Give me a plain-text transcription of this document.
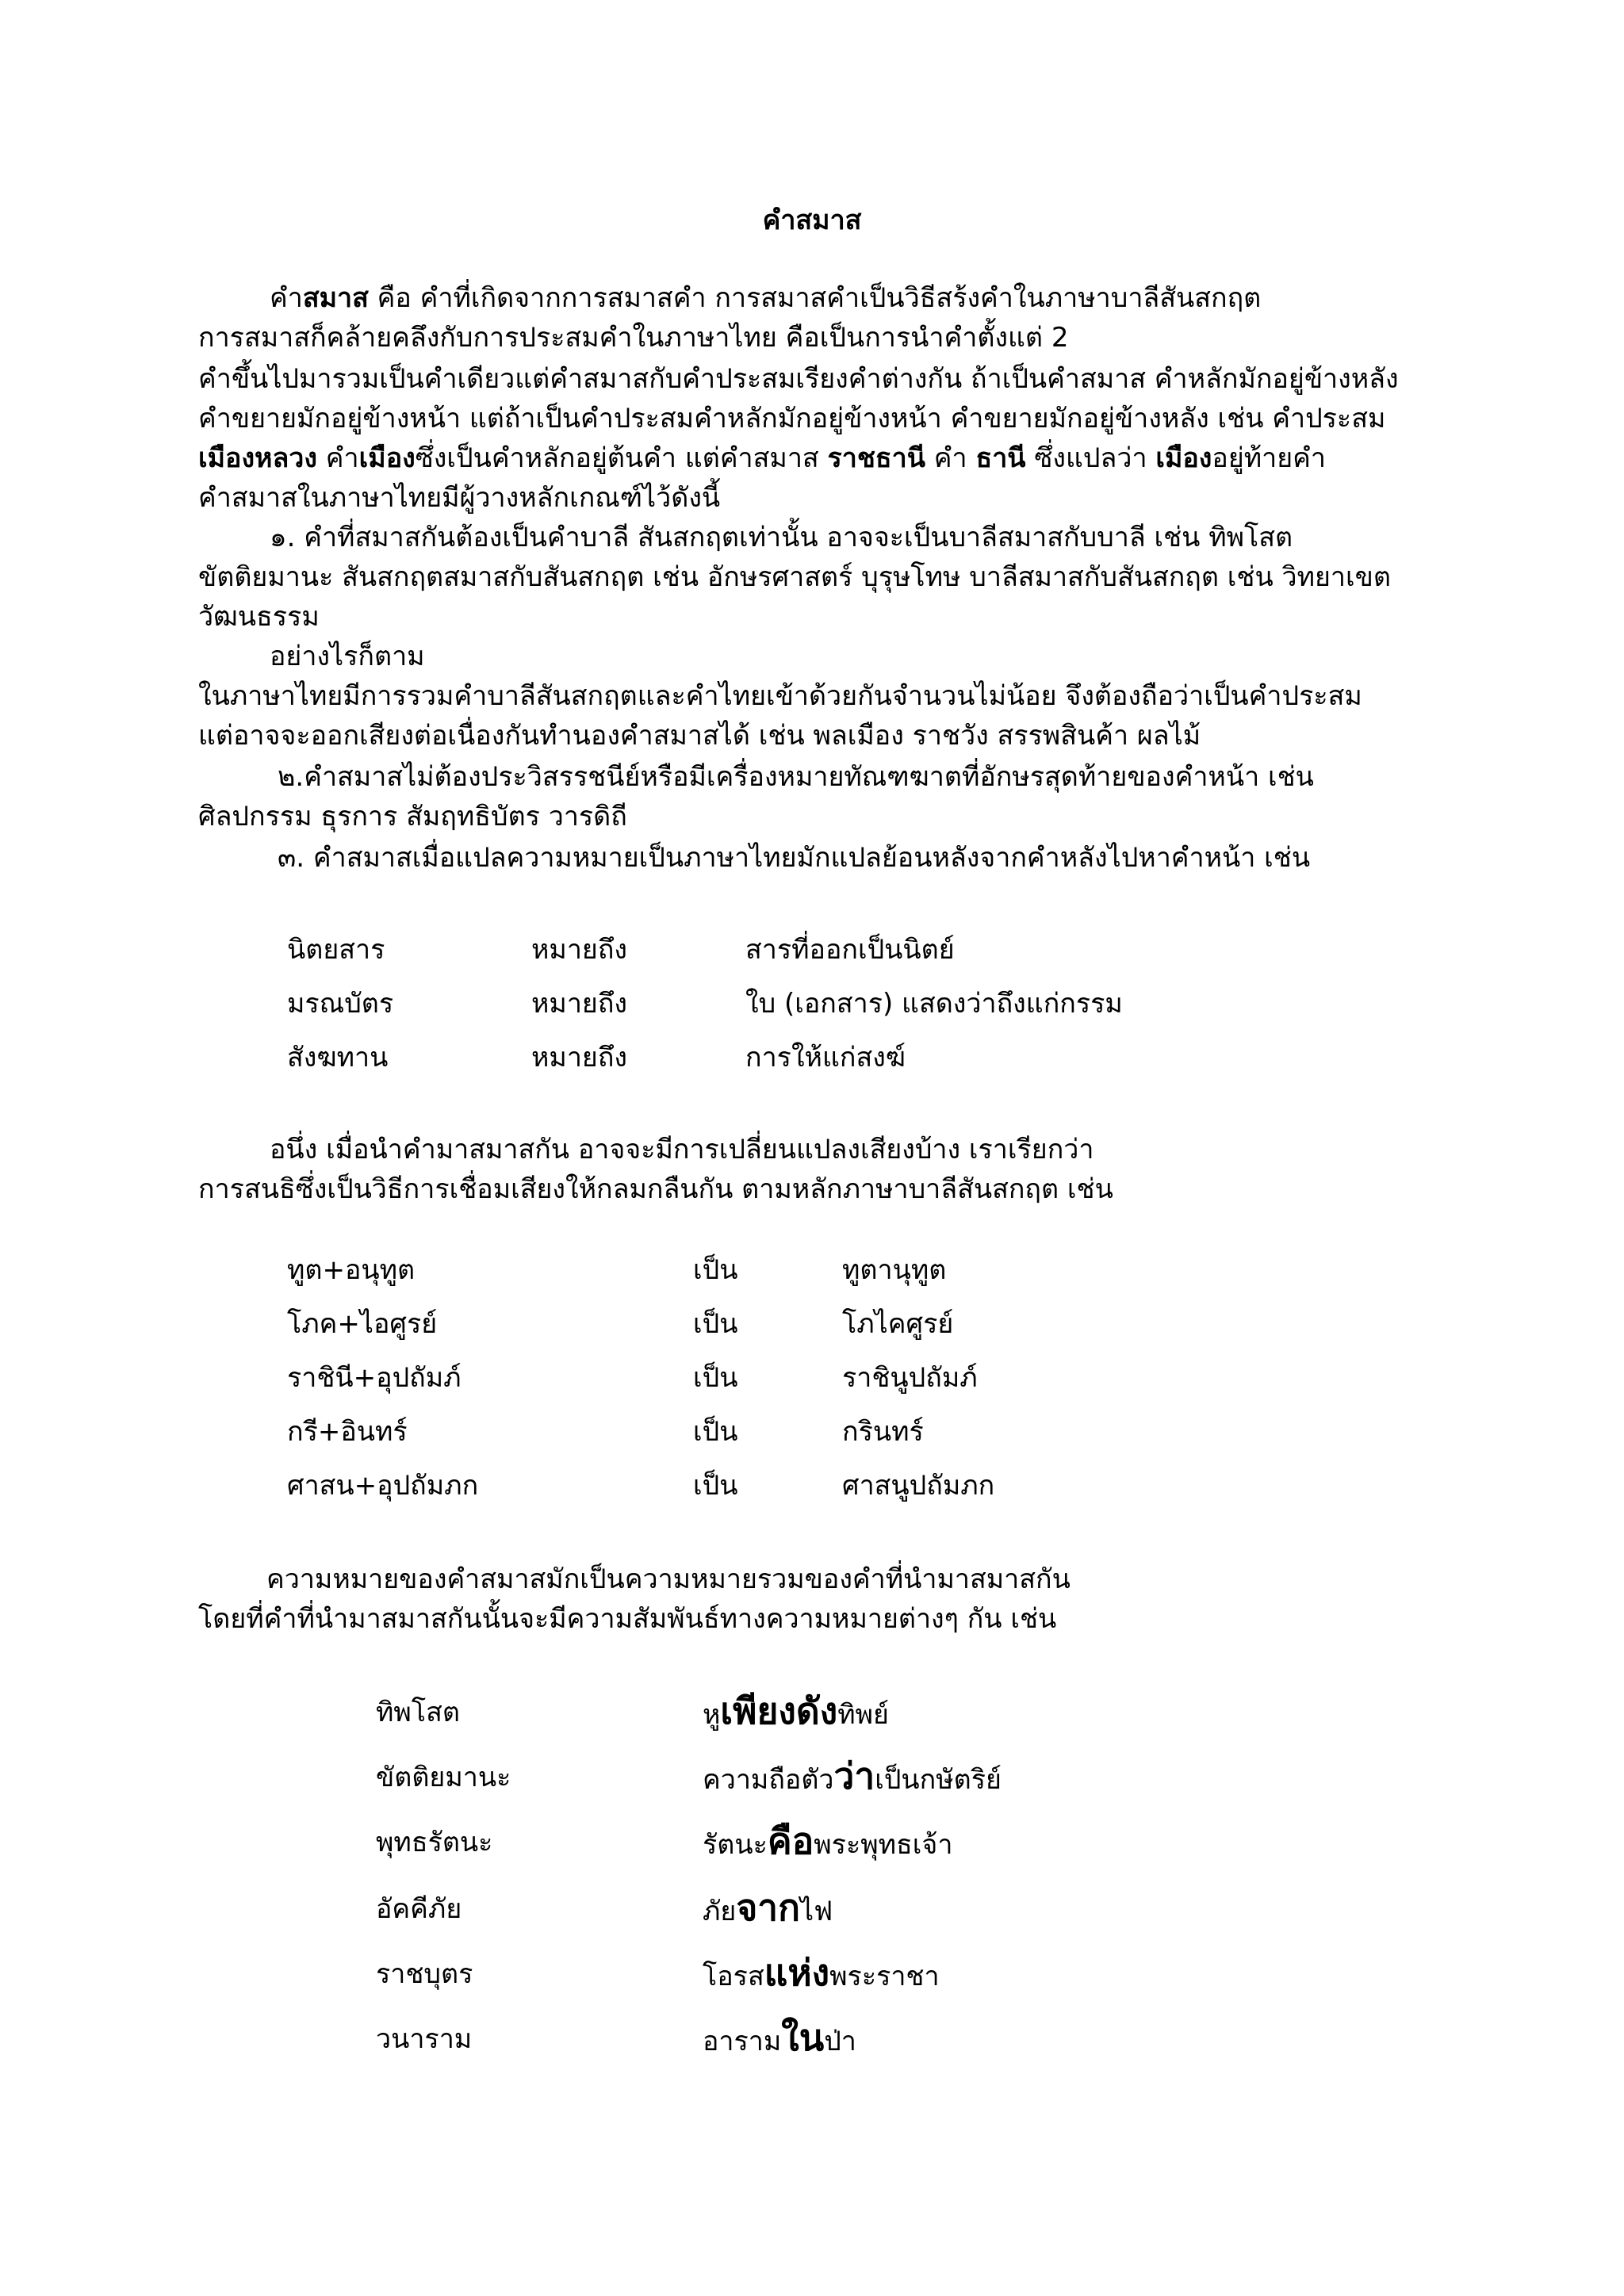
คำสมาส
คำสมาส คือ คำที่เกิดจากการสมาสคำ การสมาสคำเป็นวิธีสร้งคำในภาษาบาลีสันสกฤต
การสมาสก็คล้ายคลึงกับการประสมคำในภาษาไทย คือเป็นการนำคำตั้งแต่ 2
คำขึ้นไปมารวมเป็นคำเดียวแต่คำสมาสกับคำประสมเรียงคำต่างกัน ถ้าเป็นคำสมาส คำหลักมักอยู่ข้างหลัง
คำขยายมักอยู่ข้างหน้า แต่ถ้าเป็นคำประสมคำหลักมักอยู่ข้างหน้า คำขยายมักอยู่ข้างหลัง เช่น คำประสม
เมืองหลวง คำเมืองซึ่งเป็นคำหลักอยู่ต้นคำ แต่คำสมาส ราชธานี คำ ธานี ซึ่งแปลว่า เมืองอยู่ท้ายคำ
คำสมาสในภาษาไทยมีผู้วางหลักเกณฑ์ไว้ดังนี้
๑. คำที่สมาสกันต้องเป็นคำบาลี สันสกฤตเท่านั้น อาจจะเป็นบาลีสมาสกับบาลี เช่น ทิพโสต
ขัตติยมานะ สันสกฤตสมาสกับสันสกฤต เช่น อักษรศาสตร์ บุรุษโทษ บาลีสมาสกับสันสกฤต เช่น วิทยาเขต
วัฒนธรรม
อย่างไรก็ตาม
ในภาษาไทยมีการรวมคำบาลีสันสกฤตและคำไทยเข้าด้วยกันจำนวนไม่น้อย จึงต้องถือว่าเป็นคำประสม
แต่อาจจะออกเสียงต่อเนื่องกันทำนองคำสมาสได้ เช่น พลเมือง ราชวัง สรรพสินค้า ผลไม้
๒.คำสมาสไม่ต้องประวิสรรชนีย์หรือมีเครื่องหมายทัณฑฆาตที่อักษรสุดท้ายของคำหน้า เช่น
ศิลปกรรม ธุรการ สัมฤทธิบัตร วารดิถี
๓. คำสมาสเมื่อแปลความหมายเป็นภาษาไทยมักแปลย้อนหลังจากคำหลังไปหาคำหน้า เช่น
นิตยสาร	หมายถึง	สารที่ออกเป็นนิตย์
มรณบัตร	หมายถึง	ใบ (เอกสาร) แสดงว่าถึงแก่กรรม
สังฆทาน	หมายถึง	การให้แก่สงฆ์
อนึ่ง เมื่อนำคำมาสมาสกัน อาจจะมีการเปลี่ยนแปลงเสียงบ้าง เราเรียกว่า
การสนธิซึ่งเป็นวิธีการเชื่อมเสียงให้กลมกลืนกัน ตามหลักภาษาบาลีสันสกฤต เช่น
ทูต+อนุทูต	เป็น	ทูตานุทูต
โภค+ไอศูรย์	เป็น	โภไคศูรย์
ราชินี+อุปถัมภ์	เป็น	ราชินูปถัมภ์
กรี+อินทร์	เป็น	กรินทร์
ศาสน+อุปถัมภก	เป็น	ศาสนูปถัมภก
ความหมายของคำสมาสมักเป็นความหมายรวมของคำที่นำมาสมาสกัน
โดยที่คำที่นำมาสมาสกันนั้นจะมีความสัมพันธ์ทางความหมายต่างๆ กัน เช่น
ทิพโสต	หูเพียงดังทิพย์
ขัตติยมานะ	ความถือตัวว่าเป็นกษัตริย์
พุทธรัตนะ	รัตนะคือพระพุทธเจ้า
อัคคีภัย	ภัยจากไฟ
ราชบุตร	โอรสแห่งพระราชา
วนาราม	อารามในป่า
